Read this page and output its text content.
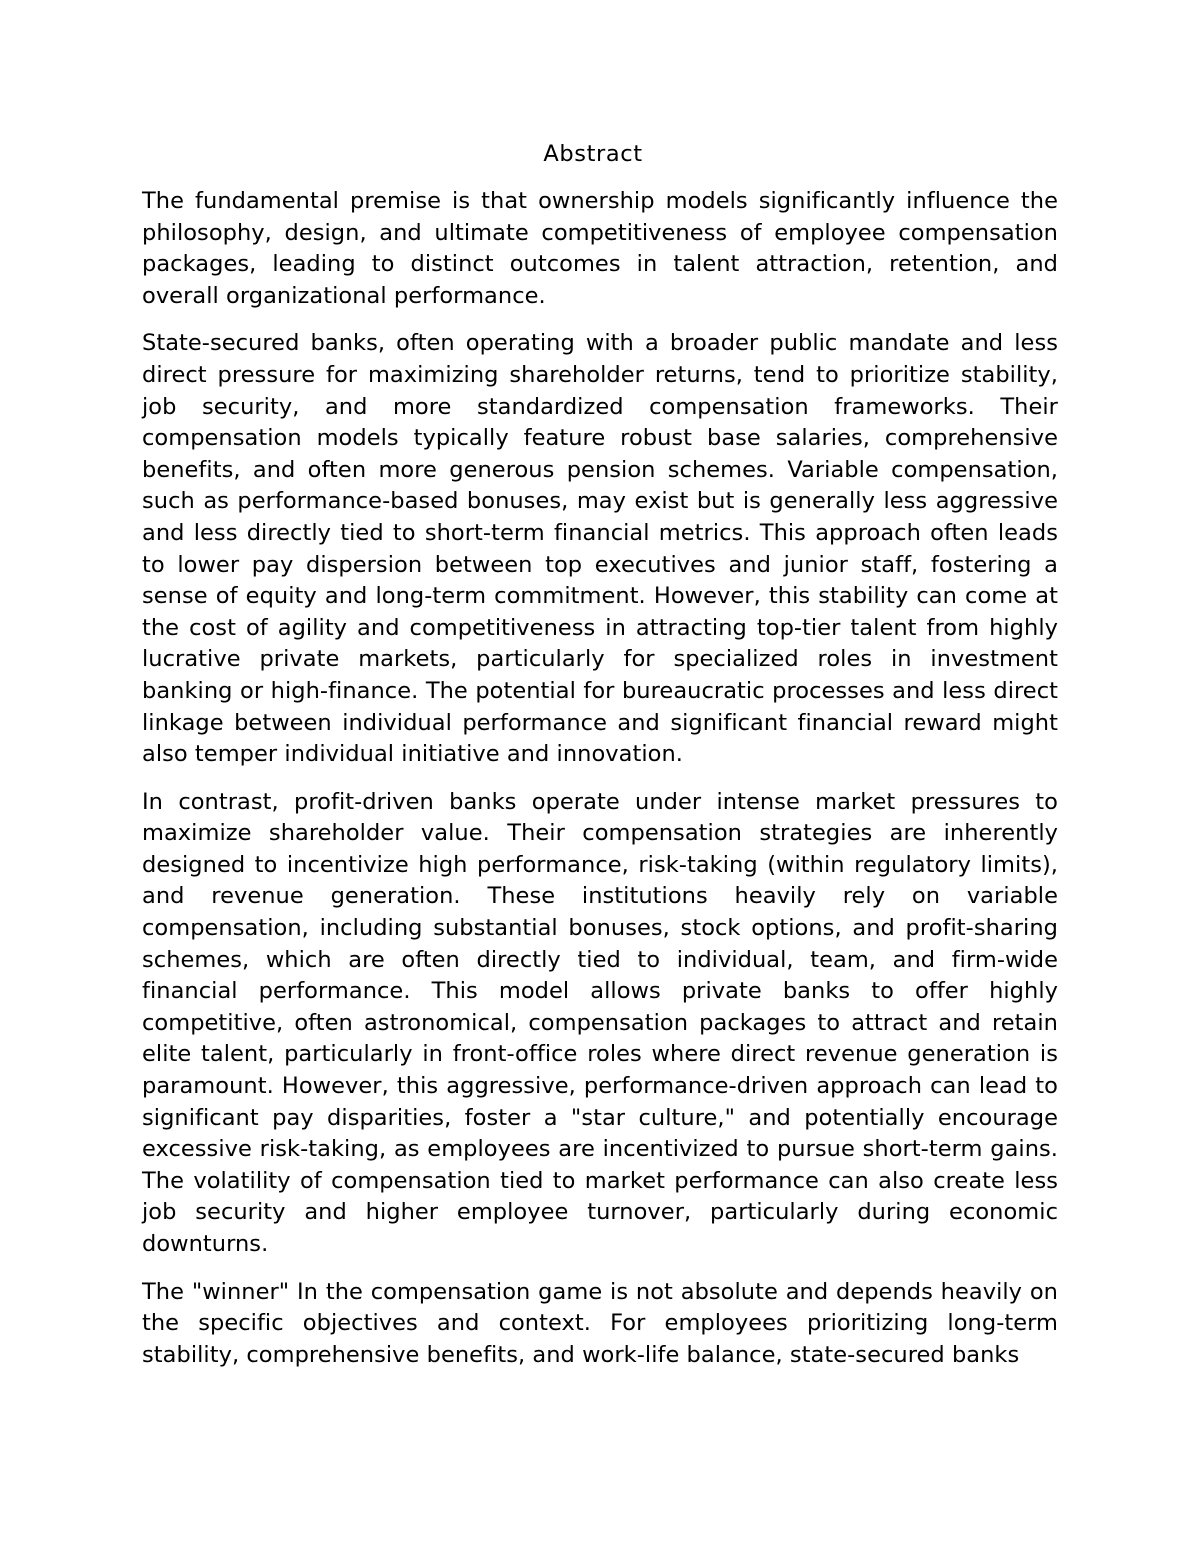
Abstract

The fundamental premise is that ownership models significantly influence the philosophy, design, and ultimate competitiveness of employee compensation packages, leading to distinct outcomes in talent attraction, retention, and overall organizational performance.

State-secured banks, often operating with a broader public mandate and less direct pressure for maximizing shareholder returns, tend to prioritize stability, job security, and more standardized compensation frameworks. Their compensation models typically feature robust base salaries, comprehensive benefits, and often more generous pension schemes. Variable compensation, such as performance-based bonuses, may exist but is generally less aggressive and less directly tied to short-term financial metrics. This approach often leads to lower pay dispersion between top executives and junior staff, fostering a sense of equity and long-term commitment. However, this stability can come at the cost of agility and competitiveness in attracting top-tier talent from highly lucrative private markets, particularly for specialized roles in investment banking or high-finance. The potential for bureaucratic processes and less direct linkage between individual performance and significant financial reward might also temper individual initiative and innovation.

In contrast, profit-driven banks operate under intense market pressures to maximize shareholder value. Their compensation strategies are inherently designed to incentivize high performance, risk-taking (within regulatory limits), and revenue generation. These institutions heavily rely on variable compensation, including substantial bonuses, stock options, and profit-sharing schemes, which are often directly tied to individual, team, and firm-wide financial performance. This model allows private banks to offer highly competitive, often astronomical, compensation packages to attract and retain elite talent, particularly in front-office roles where direct revenue generation is paramount. However, this aggressive, performance-driven approach can lead to significant pay disparities, foster a "star culture," and potentially encourage excessive risk-taking, as employees are incentivized to pursue short-term gains. The volatility of compensation tied to market performance can also create less job security and higher employee turnover, particularly during economic downturns.

The "winner" In the compensation game is not absolute and depends heavily on the specific objectives and context. For employees prioritizing long-term stability, comprehensive benefits, and work-life balance, state-secured banks
